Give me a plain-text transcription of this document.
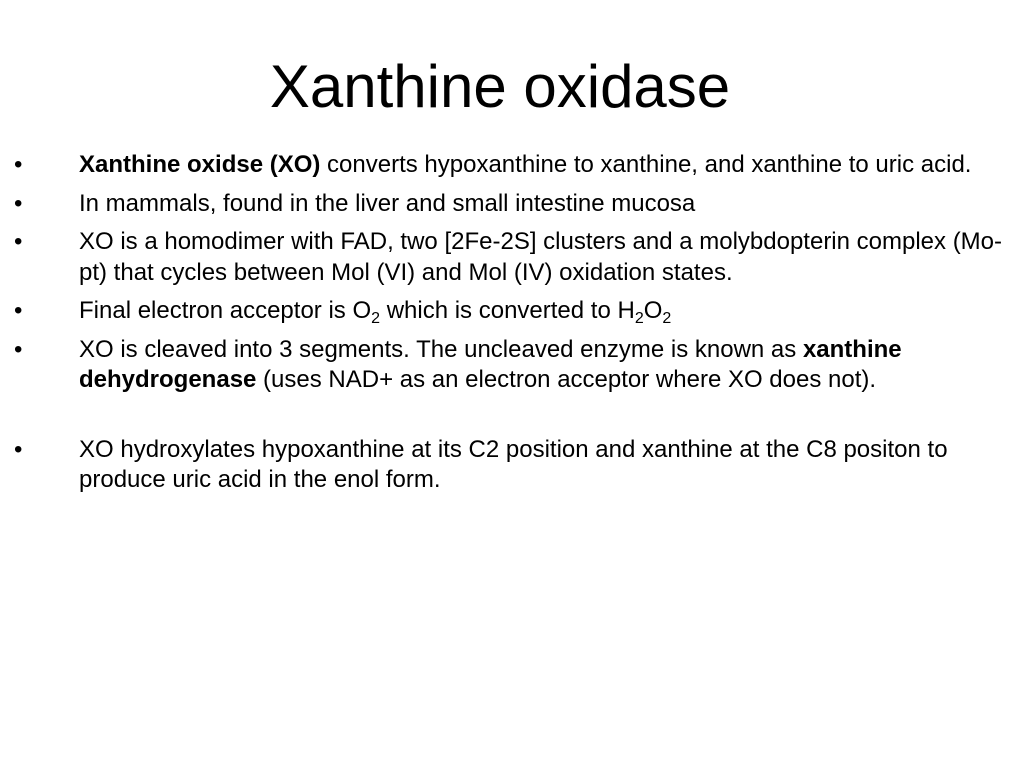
Xanthine oxidase
• Xanthine oxidse (XO) converts hypoxanthine to xanthine, and xanthine to uric acid.
• In mammals, found in the liver and small intestine mucosa
• XO is a homodimer with FAD, two [2Fe-2S] clusters and a molybdopterin complex (Mo-pt) that cycles between Mol (VI) and Mol (IV) oxidation states.
• Final electron acceptor is $O_2$ which is converted to $H_2O_2$
• XO is cleaved into 3 segments. The uncleaved enzyme is known as xanthine dehydrogenase (uses NAD+ as an electron acceptor where XO does not).
• XO hydroxylates hypoxanthine at its C2 position and xanthine at the C8 positon to produce uric acid in the enol form.
